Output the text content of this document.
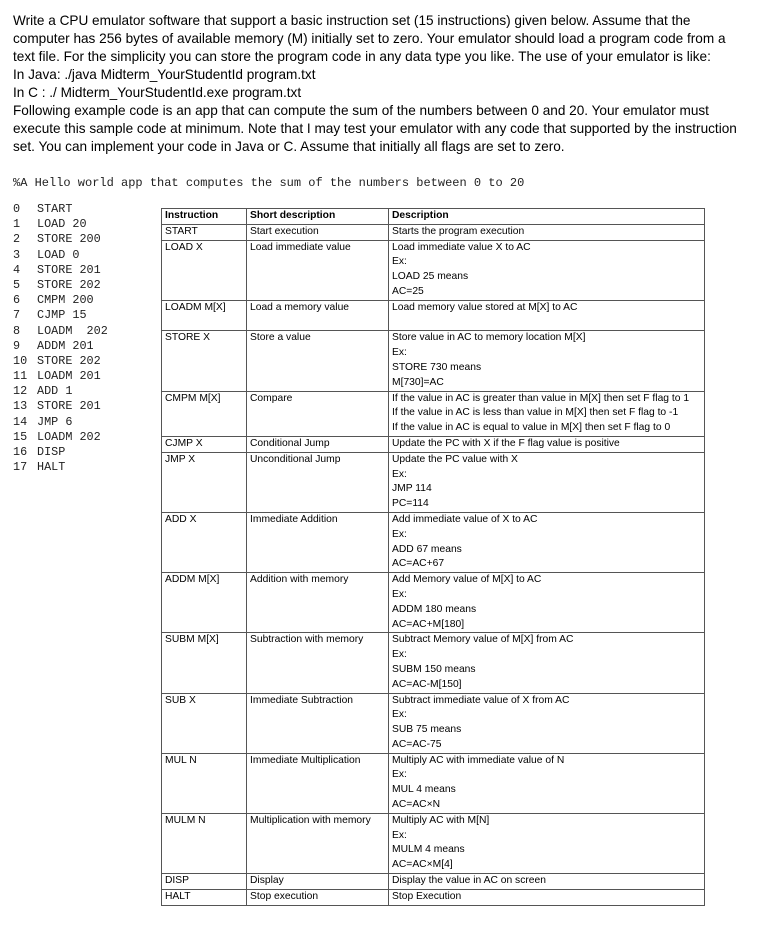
Write a CPU emulator software that support a basic instruction set (15 instructions) given below. Assume that the computer has 256 bytes of available memory (M) initially set to zero. Your emulator should load a program code from a text file. For the simplicity you can store the program code in any data type you like. The use of your emulator is like:

In Java: ./java Midterm_YourStudentId program.txt

In C : ./ Midterm_YourStudentId.exe program.txt

Following example code is an app that can compute the sum of the numbers between 0 and 20. Your emulator must execute this sample code at minimum. Note that I may test your emulator with any code that supported by the instruction set. You can implement your code in Java or C. Assume that initially all flags are set to zero.

%A Hello world app that computes the sum of the numbers between 0 to 20
0 START
1 LOAD 20
2 STORE 200
3 LOAD 0
4 STORE 201
5 STORE 202
6 CMPM 200
7 CJMP 15
8 LOADM  202
9 ADDM 201
10 STORE 202
11 LOADM 201
12 ADD 1
13 STORE 201
14 JMP 6
15 LOADM 202
16 DISP
17 HALT
Instruction	Short description	Description
START	Start execution	Starts the program execution

LOAD X	Load immediate value	Load immediate value X to AC
Ex:
LOAD 25 means
AC=25

LOADM M[X]	Load a memory value	Load memory value stored at M[X] to AC

STORE X	Store a value	Store value in AC to memory location M[X]
Ex:
STORE 730 means
M[730]=AC

CMPM M[X]	Compare	If the value in AC is greater than value in M[X] then set F flag to 1
If the value in AC is less than value in M[X] then set F flag to -1
If the value in AC is equal to value in M[X] then set F flag to 0

CJMP X	Conditional Jump	Update the PC with X if the F flag value is positive

JMP X	Unconditional Jump	Update the PC value with X
Ex:
JMP 114
PC=114

ADD X	Immediate Addition	Add immediate value of X to AC
Ex:
ADD 67 means
AC=AC+67

ADDM M[X]	Addition with memory	Add Memory value of M[X] to AC
Ex:
ADDM 180 means
AC=AC+M[180]

SUBM M[X]	Subtraction with memory	Subtract Memory value of M[X] from AC
Ex:
SUBM 150 means
AC=AC-M[150]

SUB X	Immediate Subtraction	Subtract immediate value of X from AC
Ex:
SUB 75 means
AC=AC-75

MUL N	Immediate Multiplication	Multiply AC with immediate value of N
Ex:
MUL 4 means
AC=AC×N

MULM N	Multiplication with memory	Multiply AC with M[N]
Ex:
MULM 4 means
AC=AC×M[4]

DISP	Display	Display the value in AC on screen

HALT	Stop execution	Stop Execution
